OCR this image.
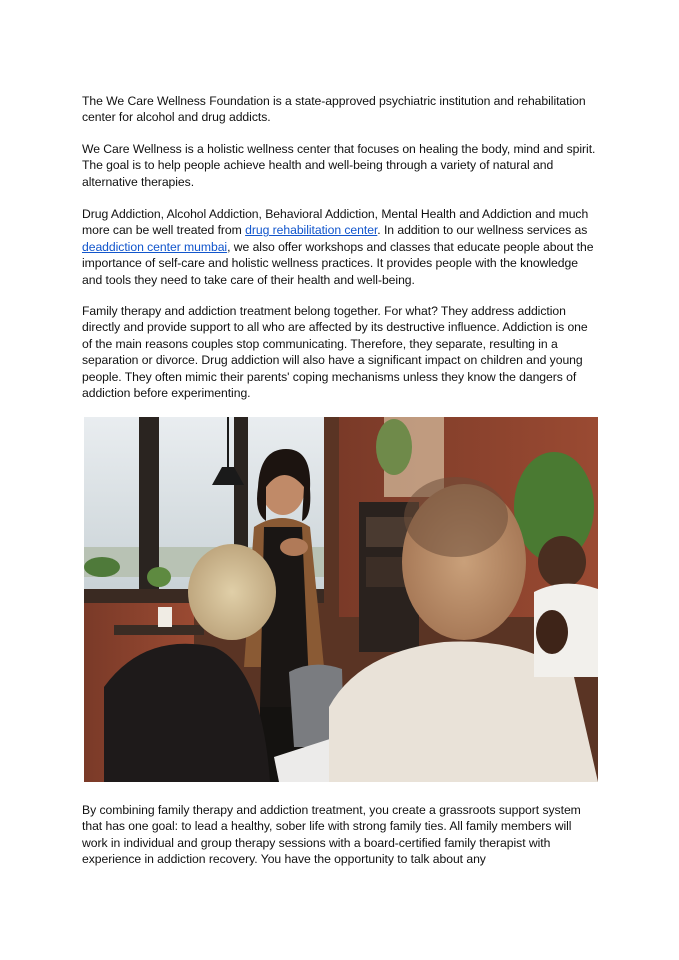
The We Care Wellness Foundation is a state-approved psychiatric institution and rehabilitation center for alcohol and drug addicts.

We Care Wellness is a holistic wellness center that focuses on healing the body, mind and spirit. The goal is to help people achieve health and well-being through a variety of natural and alternative therapies.

Drug Addiction, Alcohol Addiction, Behavioral Addiction, Mental Health and Addiction and much more can be well treated from drug rehabilitation center. In addition to our wellness services as deaddiction center mumbai, we also offer workshops and classes that educate people about the importance of self-care and holistic wellness practices. It provides people with the knowledge and tools they need to take care of their health and well-being.

Family therapy and addiction treatment belong together. For what? They address addiction directly and provide support to all who are affected by its destructive influence. Addiction is one of the main reasons couples stop communicating. Therefore, they separate, resulting in a separation or divorce. Drug addiction will also have a significant impact on children and young people. They often mimic their parents' coping mechanisms unless they know the dangers of addiction before experimenting.

By combining family therapy and addiction treatment, you create a grassroots support system that has one goal: to lead a healthy, sober life with strong family ties. All family members will work in individual and group therapy sessions with a board-certified family therapist with experience in addiction recovery. You have the opportunity to talk about any
